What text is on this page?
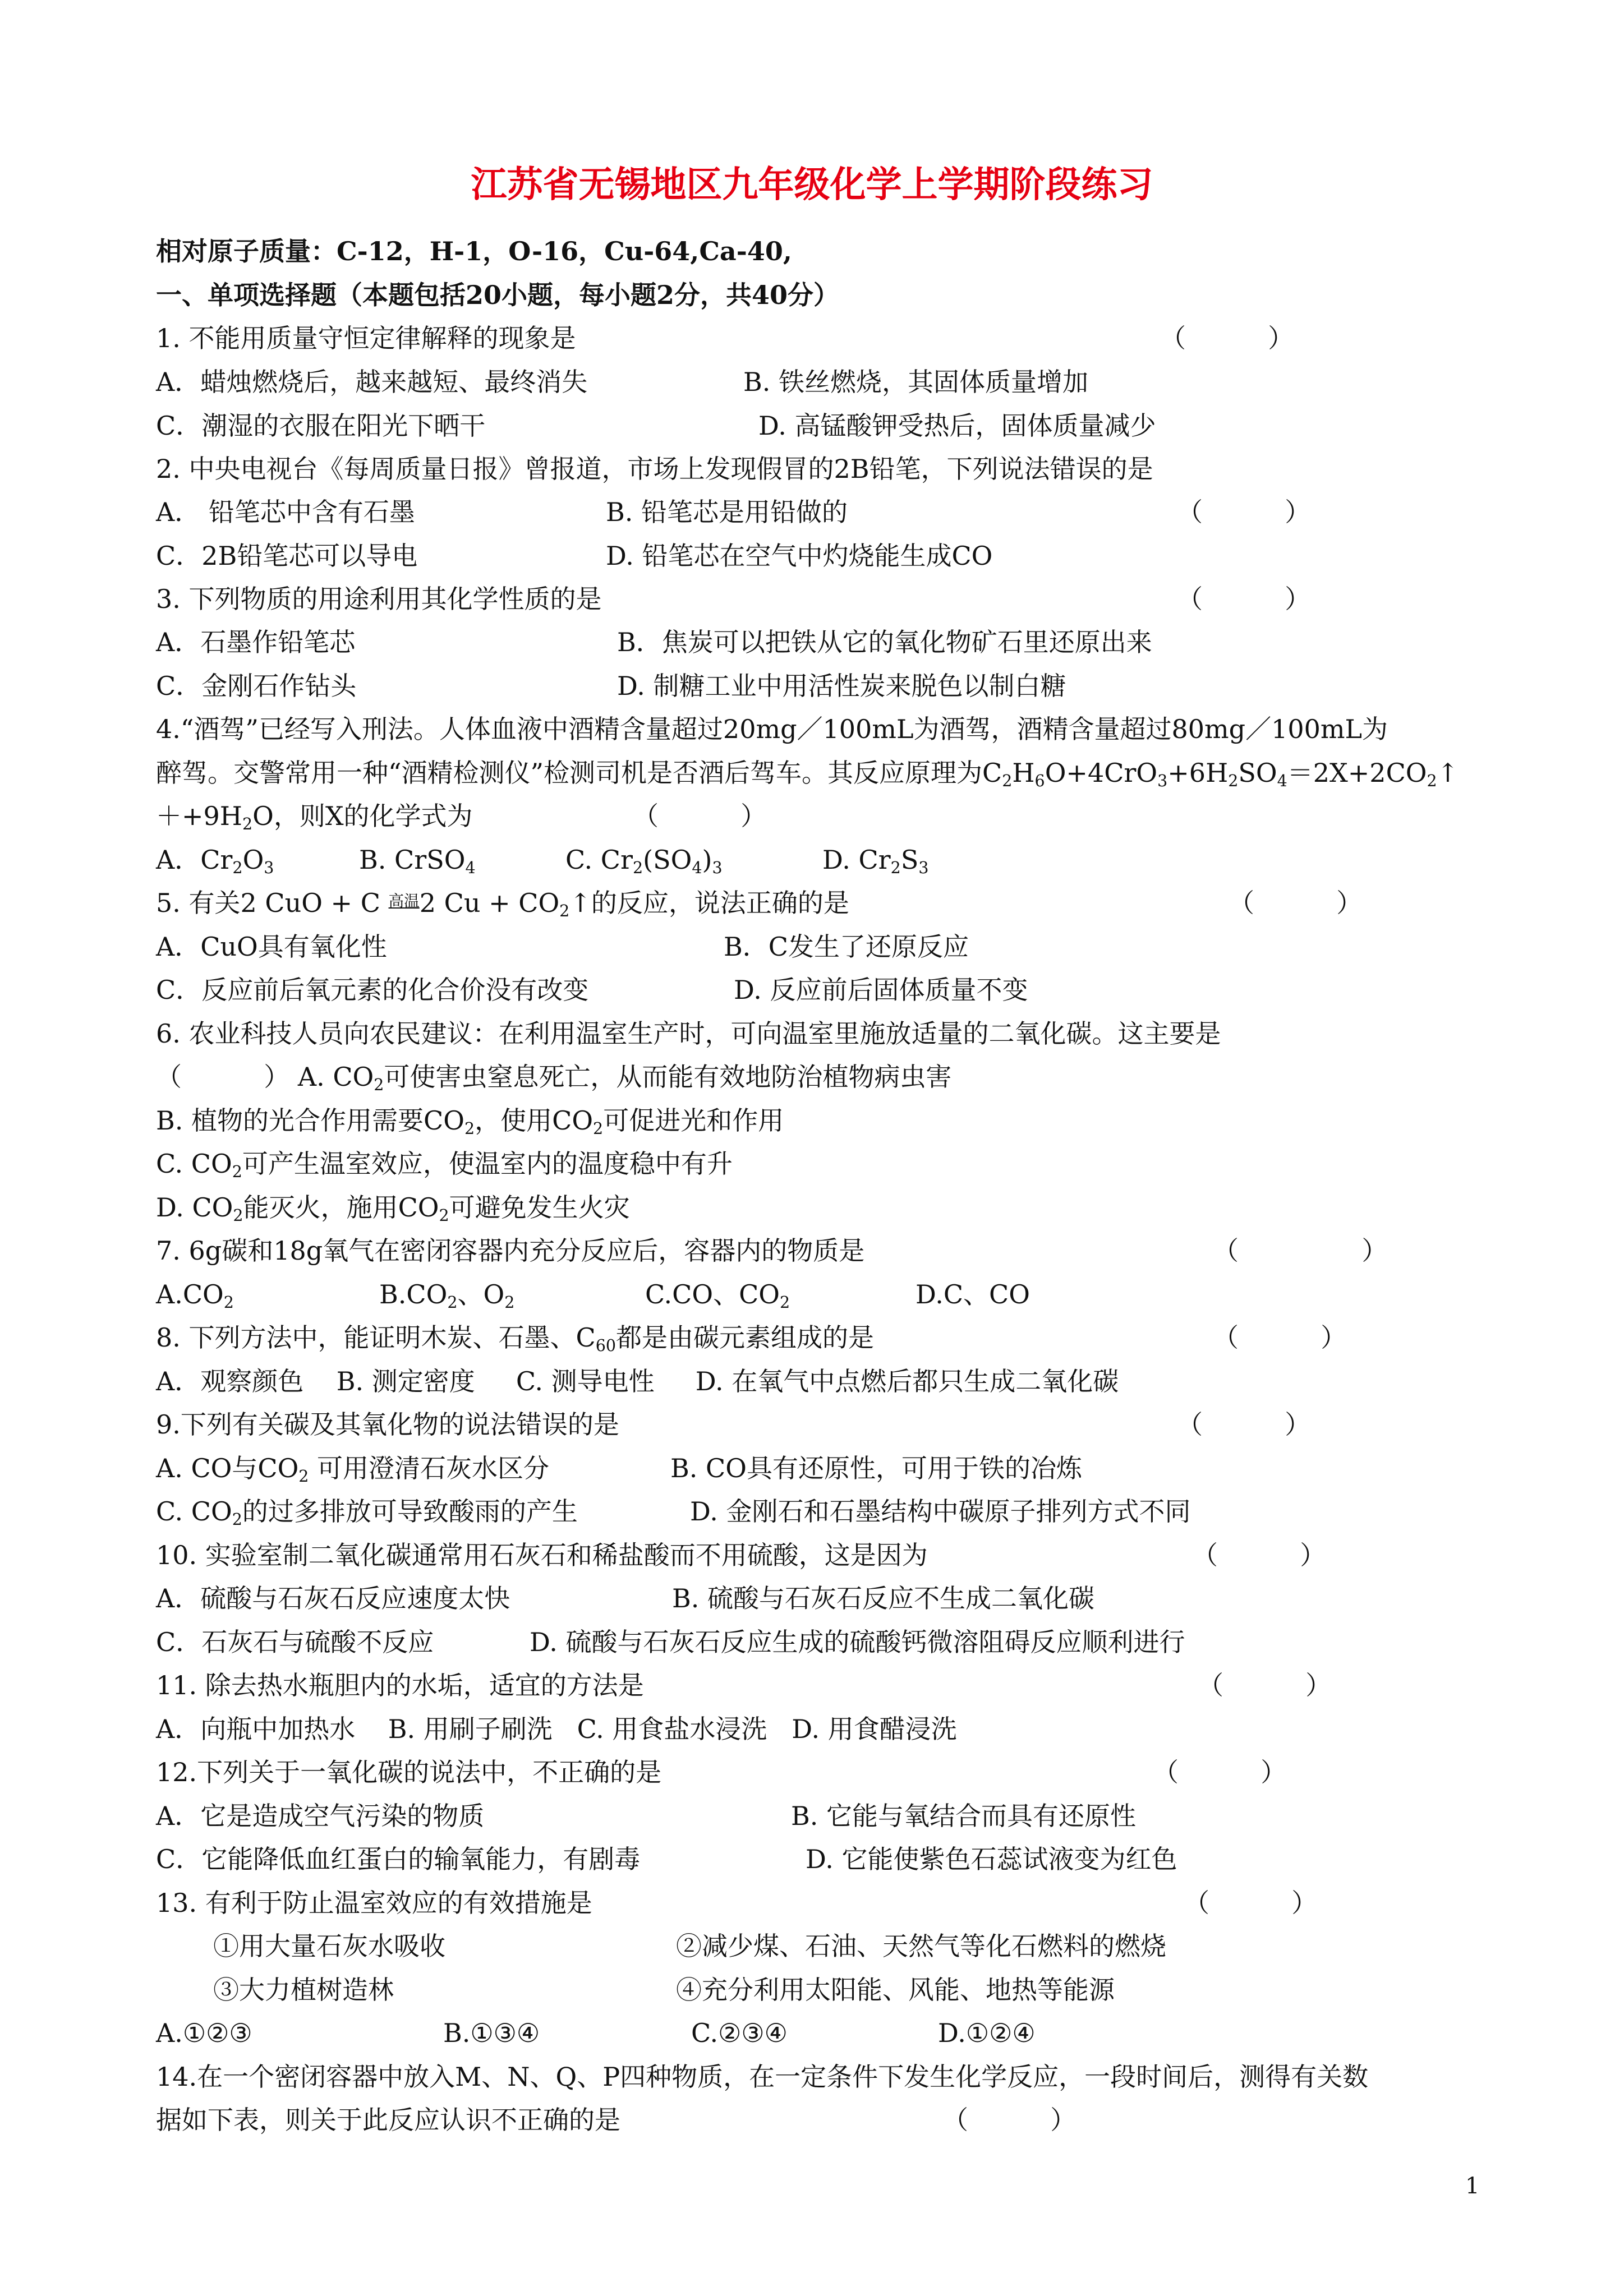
江苏省无锡地区九年级化学上学期阶段练习
相对原子质量：C-12，H-1，O-16，Cu-64,Ca-40,
一、单项选择题（本题包括20小题，每小题2分，共40分）
1. 不能用质量守恒定律解释的现象是	（          ）
A．蜡烛燃烧后，越来越短、最终消失	B. 铁丝燃烧，其固体质量增加
C．潮湿的衣服在阳光下晒干	D. 高锰酸钾受热后，固体质量减少
2. 中央电视台《每周质量日报》曾报道，市场上发现假冒的2B铅笔，下列说法错误的是
A． 铅笔芯中含有石墨	B. 铅笔芯是用铅做的	（          ）
C．2B铅笔芯可以导电	D. 铅笔芯在空气中灼烧能生成CO
3. 下列物质的用途利用其化学性质的是	（          ）
A．石墨作铅笔芯	B．焦炭可以把铁从它的氧化物矿石里还原出来
C．金刚石作钻头	D. 制糖工业中用活性炭来脱色以制白糖
4.“酒驾”已经写入刑法。人体血液中酒精含量超过20mg／100mL为酒驾，酒精含量超过80mg／100mL为
醉驾。交警常用一种“酒精检测仪”检测司机是否酒后驾车。其反应原理为$C_2H_6O+4CrO_3+6H_2SO_4=2X+2CO_2↑$
$++9H_2O$，则X的化学式为	（          ）
A．$Cr_2O_3$	B. CrSO$_4$	C. $Cr_2(SO_4)_3$	D. $Cr_2S_3$
5. 有关2 CuO + C $^{高温}$2 $Cu + CO_2↑$的反应，说法正确的是	（          ）
A．CuO具有氧化性	B．C发生了还原反应
C．反应前后氧元素的化合价没有改变	D. 反应前后固体质量不变
6. 农业科技人员向农民建议：在利用温室生产时，可向温室里施放适量的二氧化碳。这主要是
（          ） A. $CO_2$可使害虫窒息死亡，从而能有效地防治植物病虫害
B. 植物的光合作用需要$CO_2$，使用$CO_2$可促进光和作用
C. $CO_2$可产生温室效应，使温室内的温度稳中有升
D. $CO_2$能灭火，施用$CO_2$可避免发生火灾
7. 6g碳和18g氧气在密闭容器内充分反应后，容器内的物质是	（               ）
$A.CO_2$	$B.CO_2$、$O_2$	C.CO、$CO_2$	D.C、CO
8. 下列方法中，能证明木炭、石墨、$C_{60}$都是由碳元素组成的是	（          ）
A．观察颜色    B. 测定密度     C. 测导电性     D. 在氧气中点燃后都只生成二氧化碳
9.下列有关碳及其氧化物的说法错误的是	（          ）
A. CO与$CO_2$ 可用澄清石灰水区分	B. CO具有还原性，可用于铁的冶炼
C. $CO_2$的过多排放可导致酸雨的产生	D. 金刚石和石墨结构中碳原子排列方式不同
10. 实验室制二氧化碳通常用石灰石和稀盐酸而不用硫酸，这是因为	（          ）
A．硫酸与石灰石反应速度太快	B. 硫酸与石灰石反应不生成二氧化碳
C．石灰石与硫酸不反应	D. 硫酸与石灰石反应生成的硫酸钙微溶阻碍反应顺利进行
11. 除去热水瓶胆内的水垢，适宜的方法是	（          ）
A．向瓶中加热水    B. 用刷子刷洗   C. 用食盐水浸洗   D. 用食醋浸洗
12.下列关于一氧化碳的说法中，不正确的是	（          ）
A．它是造成空气污染的物质	B. 它能与氧结合而具有还原性
C．它能降低血红蛋白的输氧能力，有剧毒	D. 它能使紫色石蕊试液变为红色
13. 有利于防止温室效应的有效措施是	（          ）
①用大量石灰水吸收	②减少煤、石油、天然气等化石燃料的燃烧
③大力植树造林	④充分利用太阳能、风能、地热等能源
A.①②③	B.①③④	C.②③④	D.①②④
14.在一个密闭容器中放入M、N、Q、P四种物质，在一定条件下发生化学反应，一段时间后，测得有关数
据如下表，则关于此反应认识不正确的是	（          ）
1
